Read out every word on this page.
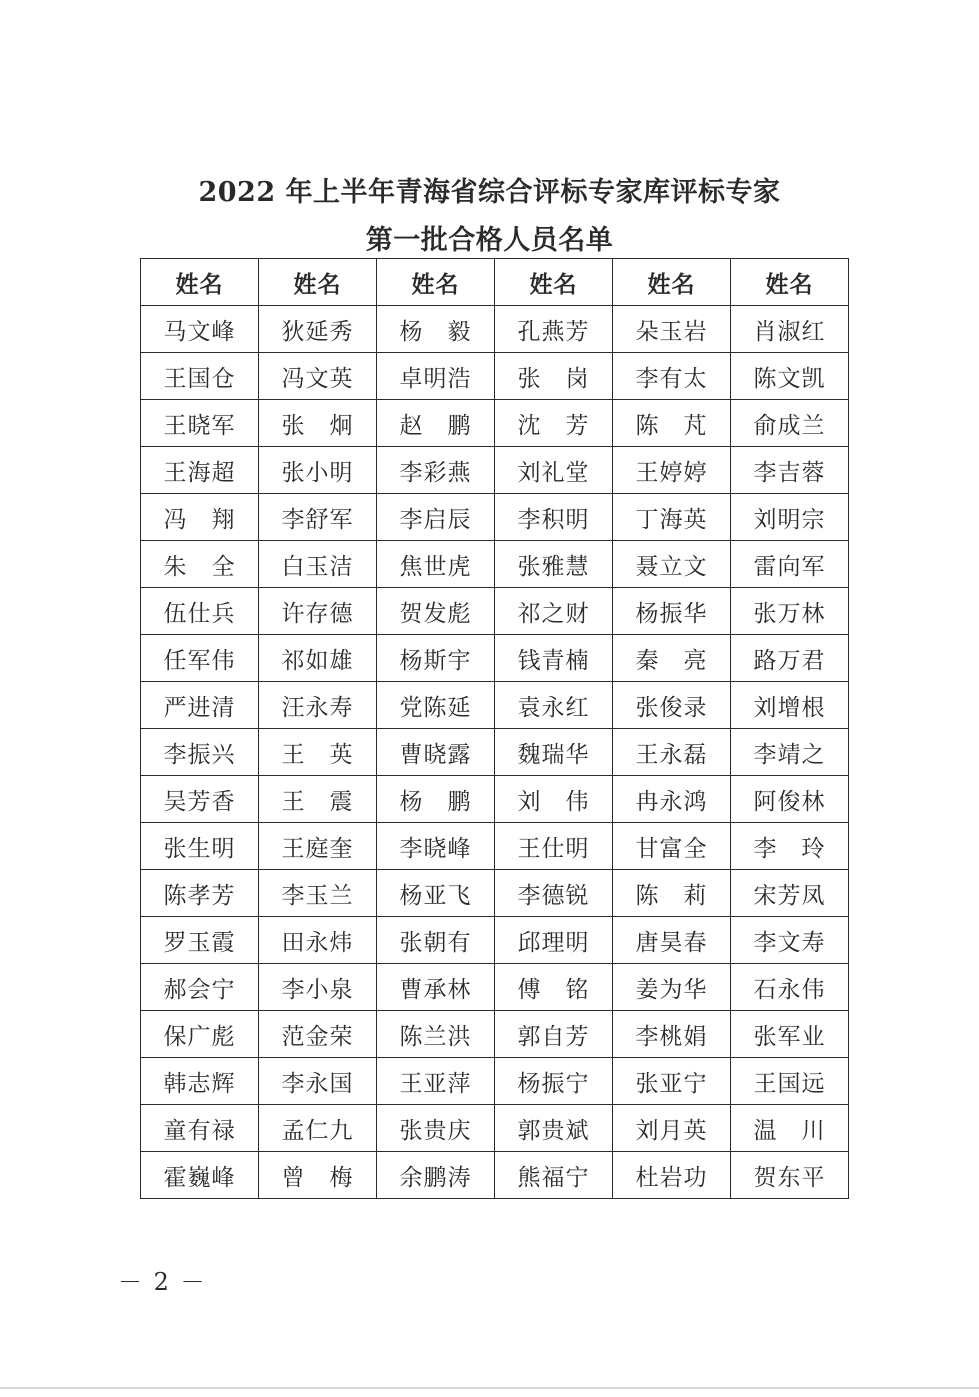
2022 年上半年青海省综合评标专家库评标专家
第一批合格人员名单
姓名	姓名	姓名	姓名	姓名	姓名
马文峰	狄延秀	杨　毅	孔燕芳	朵玉岩	肖淑红
王国仓	冯文英	卓明浩	张　岗	李有太	陈文凯
王晓军	张　炯	赵　鹏	沈　芳	陈　芃	俞成兰
王海超	张小明	李彩燕	刘礼堂	王婷婷	李吉蓉
冯　翔	李舒军	李启辰	李积明	丁海英	刘明宗
朱　全	白玉洁	焦世虎	张雅慧	聂立文	雷向军
伍仕兵	许存德	贺发彪	祁之财	杨振华	张万林
任军伟	祁如雄	杨斯宇	钱青楠	秦　亮	路万君
严进清	汪永寿	党陈延	袁永红	张俊录	刘增根
李振兴	王　英	曹晓露	魏瑞华	王永磊	李靖之
吴芳香	王　震	杨　鹏	刘　伟	冉永鸿	阿俊林
张生明	王庭奎	李晓峰	王仕明	甘富全	李　玲
陈孝芳	李玉兰	杨亚飞	李德锐	陈　莉	宋芳凤
罗玉霞	田永炜	张朝有	邱理明	唐昊春	李文寿
郝会宁	李小泉	曹承林	傅　铭	姜为华	石永伟
保广彪	范金荣	陈兰洪	郭自芳	李桃娟	张军业
韩志辉	李永国	王亚萍	杨振宁	张亚宁	王国远
童有禄	孟仁九	张贵庆	郭贵斌	刘月英	温　川
霍巍峰	曾　梅	余鹏涛	熊福宁	杜岩功	贺东平
－ 2 －
